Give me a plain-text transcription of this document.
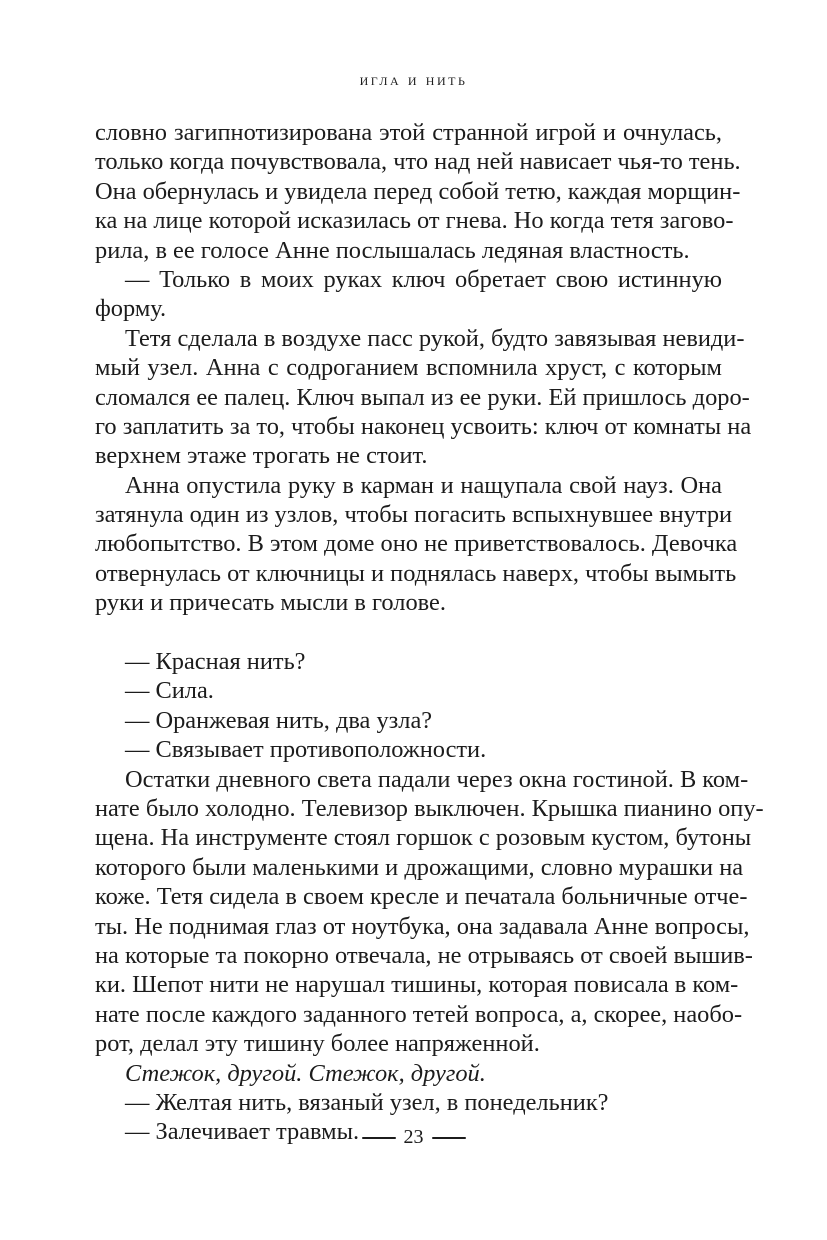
игла и нить
словно загипнотизирована этой странной игрой и очнулась,
только когда почувствовала, что над ней нависает чья-то тень.
Она обернулась и увидела перед собой тетю, каждая морщин-
ка на лице которой исказилась от гнева. Но когда тетя загово-
рила, в ее голосе Анне послышалась ледяная властность.
— Только в моих руках ключ обретает свою истинную
форму.
Тетя сделала в воздухе пасс рукой, будто завязывая невиди-
мый узел. Анна с содроганием вспомнила хруст, с которым
сломался ее палец. Ключ выпал из ее руки. Ей пришлось доро-
го заплатить за то, чтобы наконец усвоить: ключ от комнаты на
верхнем этаже трогать не стоит.
Анна опустила руку в карман и нащупала свой науз. Она
затянула один из узлов, чтобы погасить вспыхнувшее внутри
любопытство. В этом доме оно не приветствовалось. Девочка
отвернулась от ключницы и поднялась наверх, чтобы вымыть
руки и причесать мысли в голове.
— Красная нить?
— Сила.
— Оранжевая нить, два узла?
— Связывает противоположности.
Остатки дневного света падали через окна гостиной. В ком-
нате было холодно. Телевизор выключен. Крышка пианино опу-
щена. На инструменте стоял горшок с розовым кустом, бутоны
которого были маленькими и дрожащими, словно мурашки на
коже. Тетя сидела в своем кресле и печатала больничные отче-
ты. Не поднимая глаз от ноутбука, она задавала Анне вопросы,
на которые та покорно отвечала, не отрываясь от своей вышив-
ки. Шепот нити не нарушал тишины, которая повисала в ком-
нате после каждого заданного тетей вопроса, а, скорее, наобо-
рот, делал эту тишину более напряженной.
Стежок, другой. Стежок, другой.
— Желтая нить, вязаный узел, в понедельник?
— Залечивает травмы.	23
